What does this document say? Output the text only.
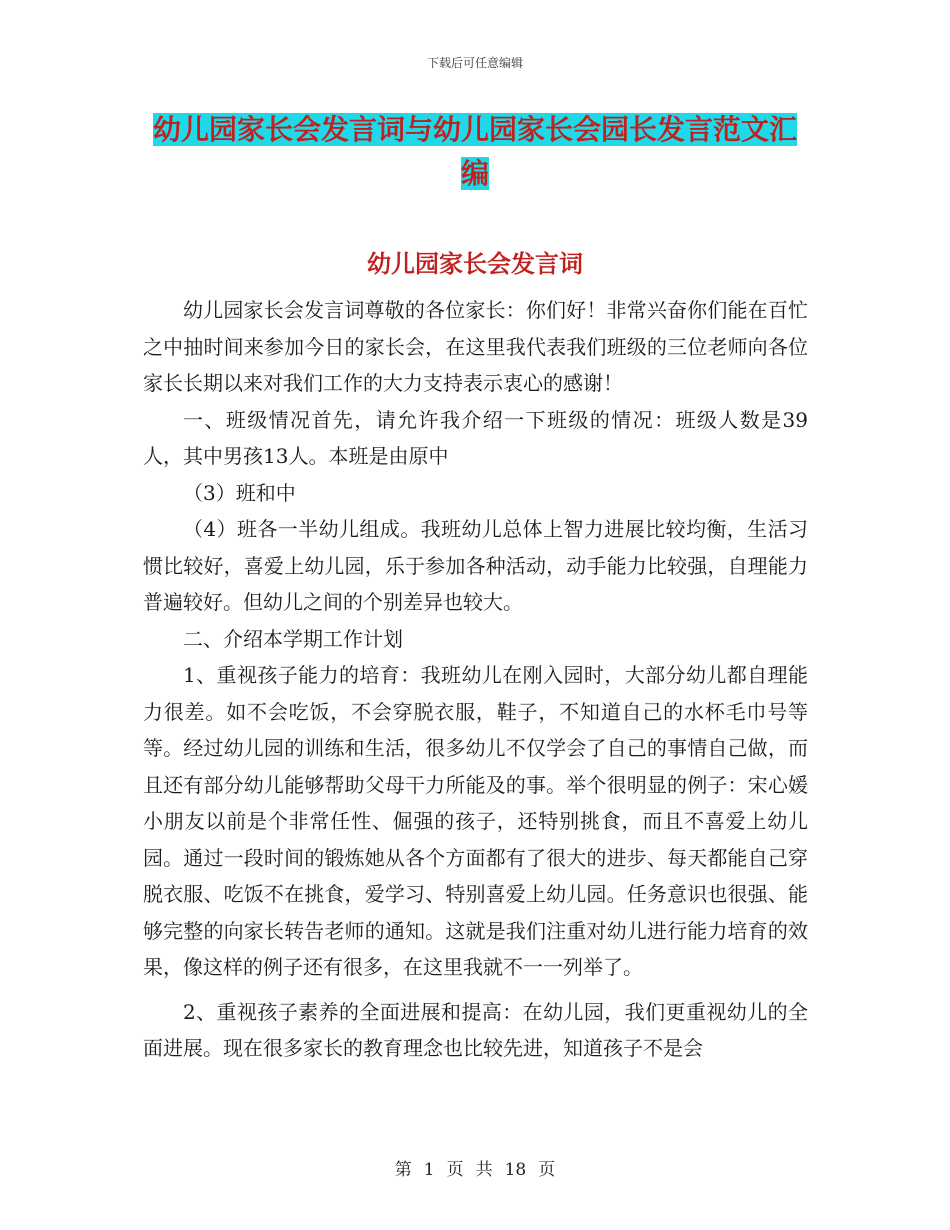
下载后可任意编辑
幼儿园家长会发言词与幼儿园家长会园长发言范文汇
编
幼儿园家长会发言词

幼儿园家长会发言词尊敬的各位家长：你们好！非常兴奋你们能在百忙之中抽时间来参加今日的家长会，在这里我代表我们班级的三位老师向各位家长长期以来对我们工作的大力支持表示衷心的感谢！

一、班级情况首先，请允许我介绍一下班级的情况：班级人数是39人，其中男孩13人。本班是由原中

（3）班和中

（4）班各一半幼儿组成。我班幼儿总体上智力进展比较均衡，生活习惯比较好，喜爱上幼儿园，乐于参加各种活动，动手能力比较强，自理能力普遍较好。但幼儿之间的个别差异也较大。

二、介绍本学期工作计划

1、重视孩子能力的培育：我班幼儿在刚入园时，大部分幼儿都自理能力很差。如不会吃饭，不会穿脱衣服，鞋子，不知道自己的水杯毛巾号等等。经过幼儿园的训练和生活，很多幼儿不仅学会了自己的事情自己做，而且还有部分幼儿能够帮助父母干力所能及的事。举个很明显的例子：宋心媛小朋友以前是个非常任性、倔强的孩子，还特别挑食，而且不喜爱上幼儿园。通过一段时间的锻炼她从各个方面都有了很大的进步、每天都能自己穿脱衣服、吃饭不在挑食，爱学习、特别喜爱上幼儿园。任务意识也很强、能够完整的向家长转告老师的通知。这就是我们注重对幼儿进行能力培育的效果，像这样的例子还有很多，在这里我就不一一列举了。

2、重视孩子素养的全面进展和提高：在幼儿园，我们更重视幼儿的全面进展。现在很多家长的教育理念也比较先进，知道孩子不是会

第 1 页 共 18 页
